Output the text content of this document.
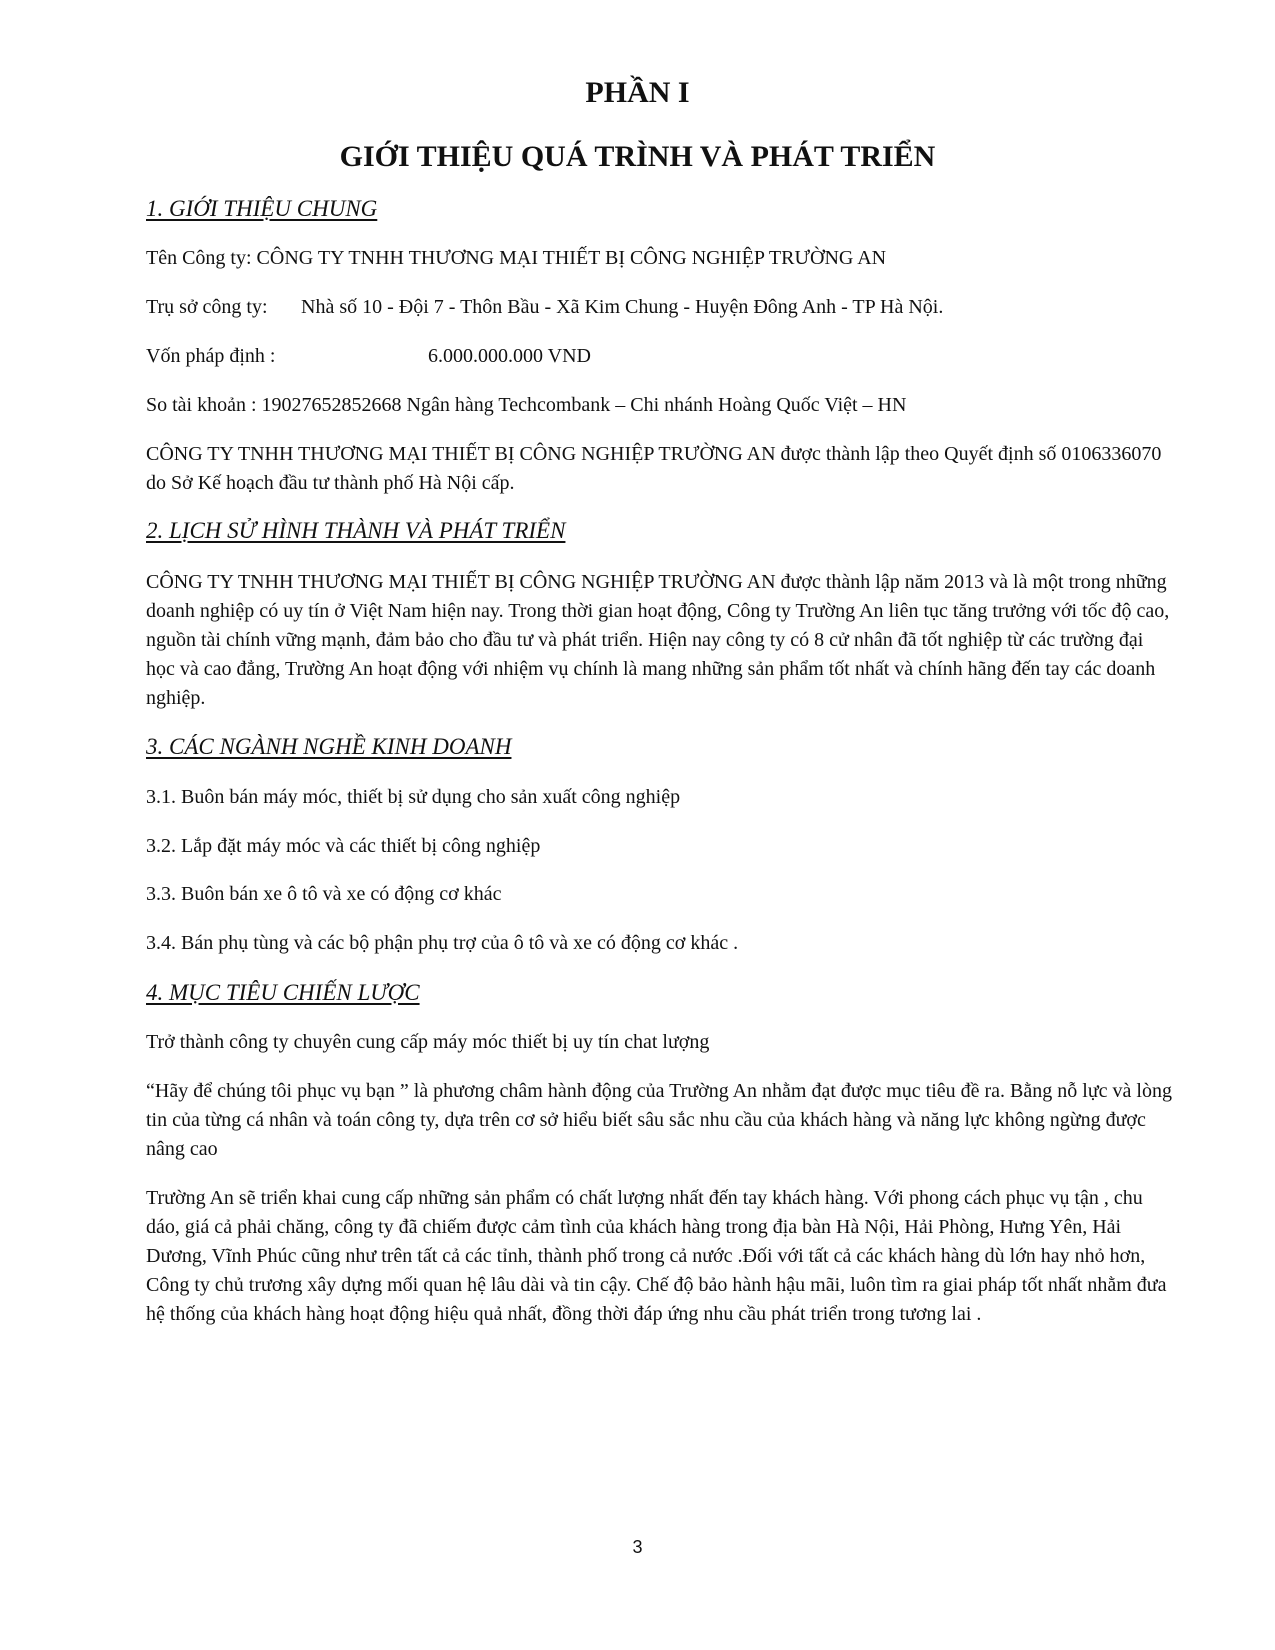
PHẦN I
GIỚI THIỆU QUÁ TRÌNH VÀ PHÁT TRIỂN
1. GIỚI THIỆU CHUNG

Tên Công ty: CÔNG TY TNHH THƯƠNG MẠI THIẾT BỊ CÔNG NGHIỆP TRƯỜNG AN

Trụ sở công ty: Nhà số 10 - Đội 7 - Thôn Bầu - Xã Kim Chung - Huyện Đông Anh - TP Hà Nội.

Vốn pháp định :	6.000.000.000 VND

So tài khoản : 19027652852668 Ngân hàng Techcombank – Chi nhánh Hoàng Quốc Việt – HN

CÔNG TY TNHH THƯƠNG MẠI THIẾT BỊ CÔNG NGHIỆP TRƯỜNG AN được thành lập theo Quyết định số 0106336070 do Sở Kế hoạch đầu tư thành phố Hà Nội cấp.

2. LỊCH SỬ HÌNH THÀNH VÀ PHÁT TRIỂN

CÔNG TY TNHH THƯƠNG MẠI THIẾT BỊ CÔNG NGHIỆP TRƯỜNG AN được thành lập năm 2013 và là một trong những doanh nghiệp có uy tín ở Việt Nam hiện nay. Trong thời gian hoạt động, Công ty Trường An liên tục tăng trưởng với tốc độ cao, nguồn tài chính vững mạnh, đảm bảo cho đầu tư và phát triển. Hiện nay công ty có 8 cử nhân đã tốt nghiệp từ các trường đại học và cao đẳng, Trường An hoạt động với nhiệm vụ chính là mang những sản phẩm tốt nhất và chính hãng đến tay các doanh nghiệp.

3. CÁC NGÀNH NGHỀ KINH DOANH

3.1. Buôn bán máy móc, thiết bị sử dụng cho sản xuất công nghiệp

3.2. Lắp đặt máy móc và các thiết bị công nghiệp

3.3. Buôn bán xe ô tô và xe có động cơ khác

3.4. Bán phụ tùng và các bộ phận phụ trợ của ô tô và xe có động cơ khác .

4. MỤC TIÊU CHIẾN LƯỢC

Trở thành công ty chuyên cung cấp máy móc thiết bị uy tín chat lượng

“Hãy để chúng tôi phục vụ bạn ” là phương châm hành động của Trường An nhằm đạt được mục tiêu đề ra. Bằng nỗ lực và lòng tin của từng cá nhân và toán công ty, dựa trên cơ sở hiểu biết sâu sắc nhu cầu của khách hàng và năng lực không ngừng được nâng cao

Trường An sẽ triển khai cung cấp những sản phẩm có chất lượng nhất đến tay khách hàng. Với phong cách phục vụ tận , chu dáo, giá cả phải chăng, công ty đã chiếm được cảm tình của khách hàng trong địa bàn Hà Nội, Hải Phòng, Hưng Yên, Hải Dương, Vĩnh Phúc cũng như trên tất cả các tỉnh, thành phố trong cả nước .Đối với tất cả các khách hàng dù lớn hay nhỏ hơn, Công ty chủ trương xây dựng mối quan hệ lâu dài và tin cậy. Chế độ bảo hành hậu mãi, luôn tìm ra giai pháp tốt nhất nhằm đưa hệ thống của khách hàng hoạt động hiệu quả nhất, đồng thời đáp ứng nhu cầu phát triển trong tương lai .

3
